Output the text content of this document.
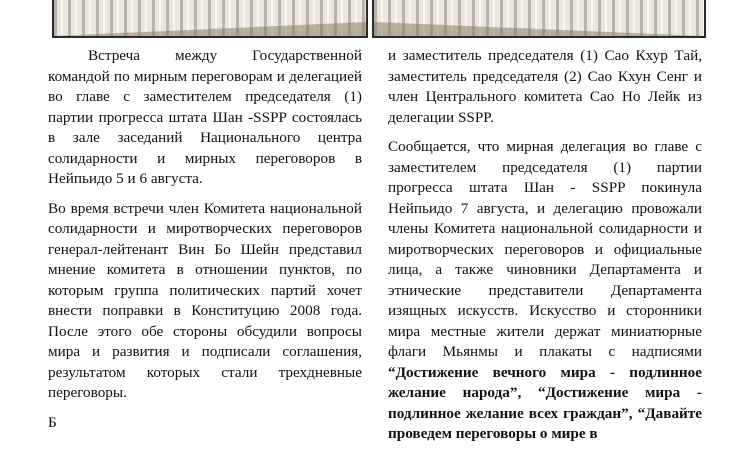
Встреча между Государственной командой по мирным переговорам и делегацией во главе с заместителем председателя (1) партии прогресса штата Шан -SSPP состоялась в зале заседаний Национального центра солидарности и мирных переговоров в Нейпьидо 5 и 6 августа.

Во время встречи член Комитета национальной солидарности и миротворческих переговоров генерал-лейтенант Вин Бо Шейн представил мнение комитета в отношении пунктов, по которым группа политических партий хочет внести поправки в Конституцию 2008 года. После этого обе стороны обсудили вопросы мира и развития и подписали соглашения, результатом которых стали трехдневные переговоры.

Б

и заместитель председателя (1) Сао Кхур Тай, заместитель председателя (2) Сао Кхун Сенг и член Центрального комитета Сао Но Лейк из делегации SSPP.

Сообщается, что мирная делегация во главе с заместителем председателя (1) партии прогресса штата Шан - SSPP покинула Нейпьидо 7 августа, и делегацию провожали члены Комитета национальной солидарности и миротворческих переговоров и официальные лица, а также чиновники Департамента и этнические представители Департамента изящных искусств. Искусство и сторонники мира местные жители держат миниатюрные флаги Мьянмы и плакаты с надписями “Достижение вечного мира - подлинное желание народа”, “Достижение мира - подлинное желание всех граждан”, “Давайте проведем переговоры о мире в
